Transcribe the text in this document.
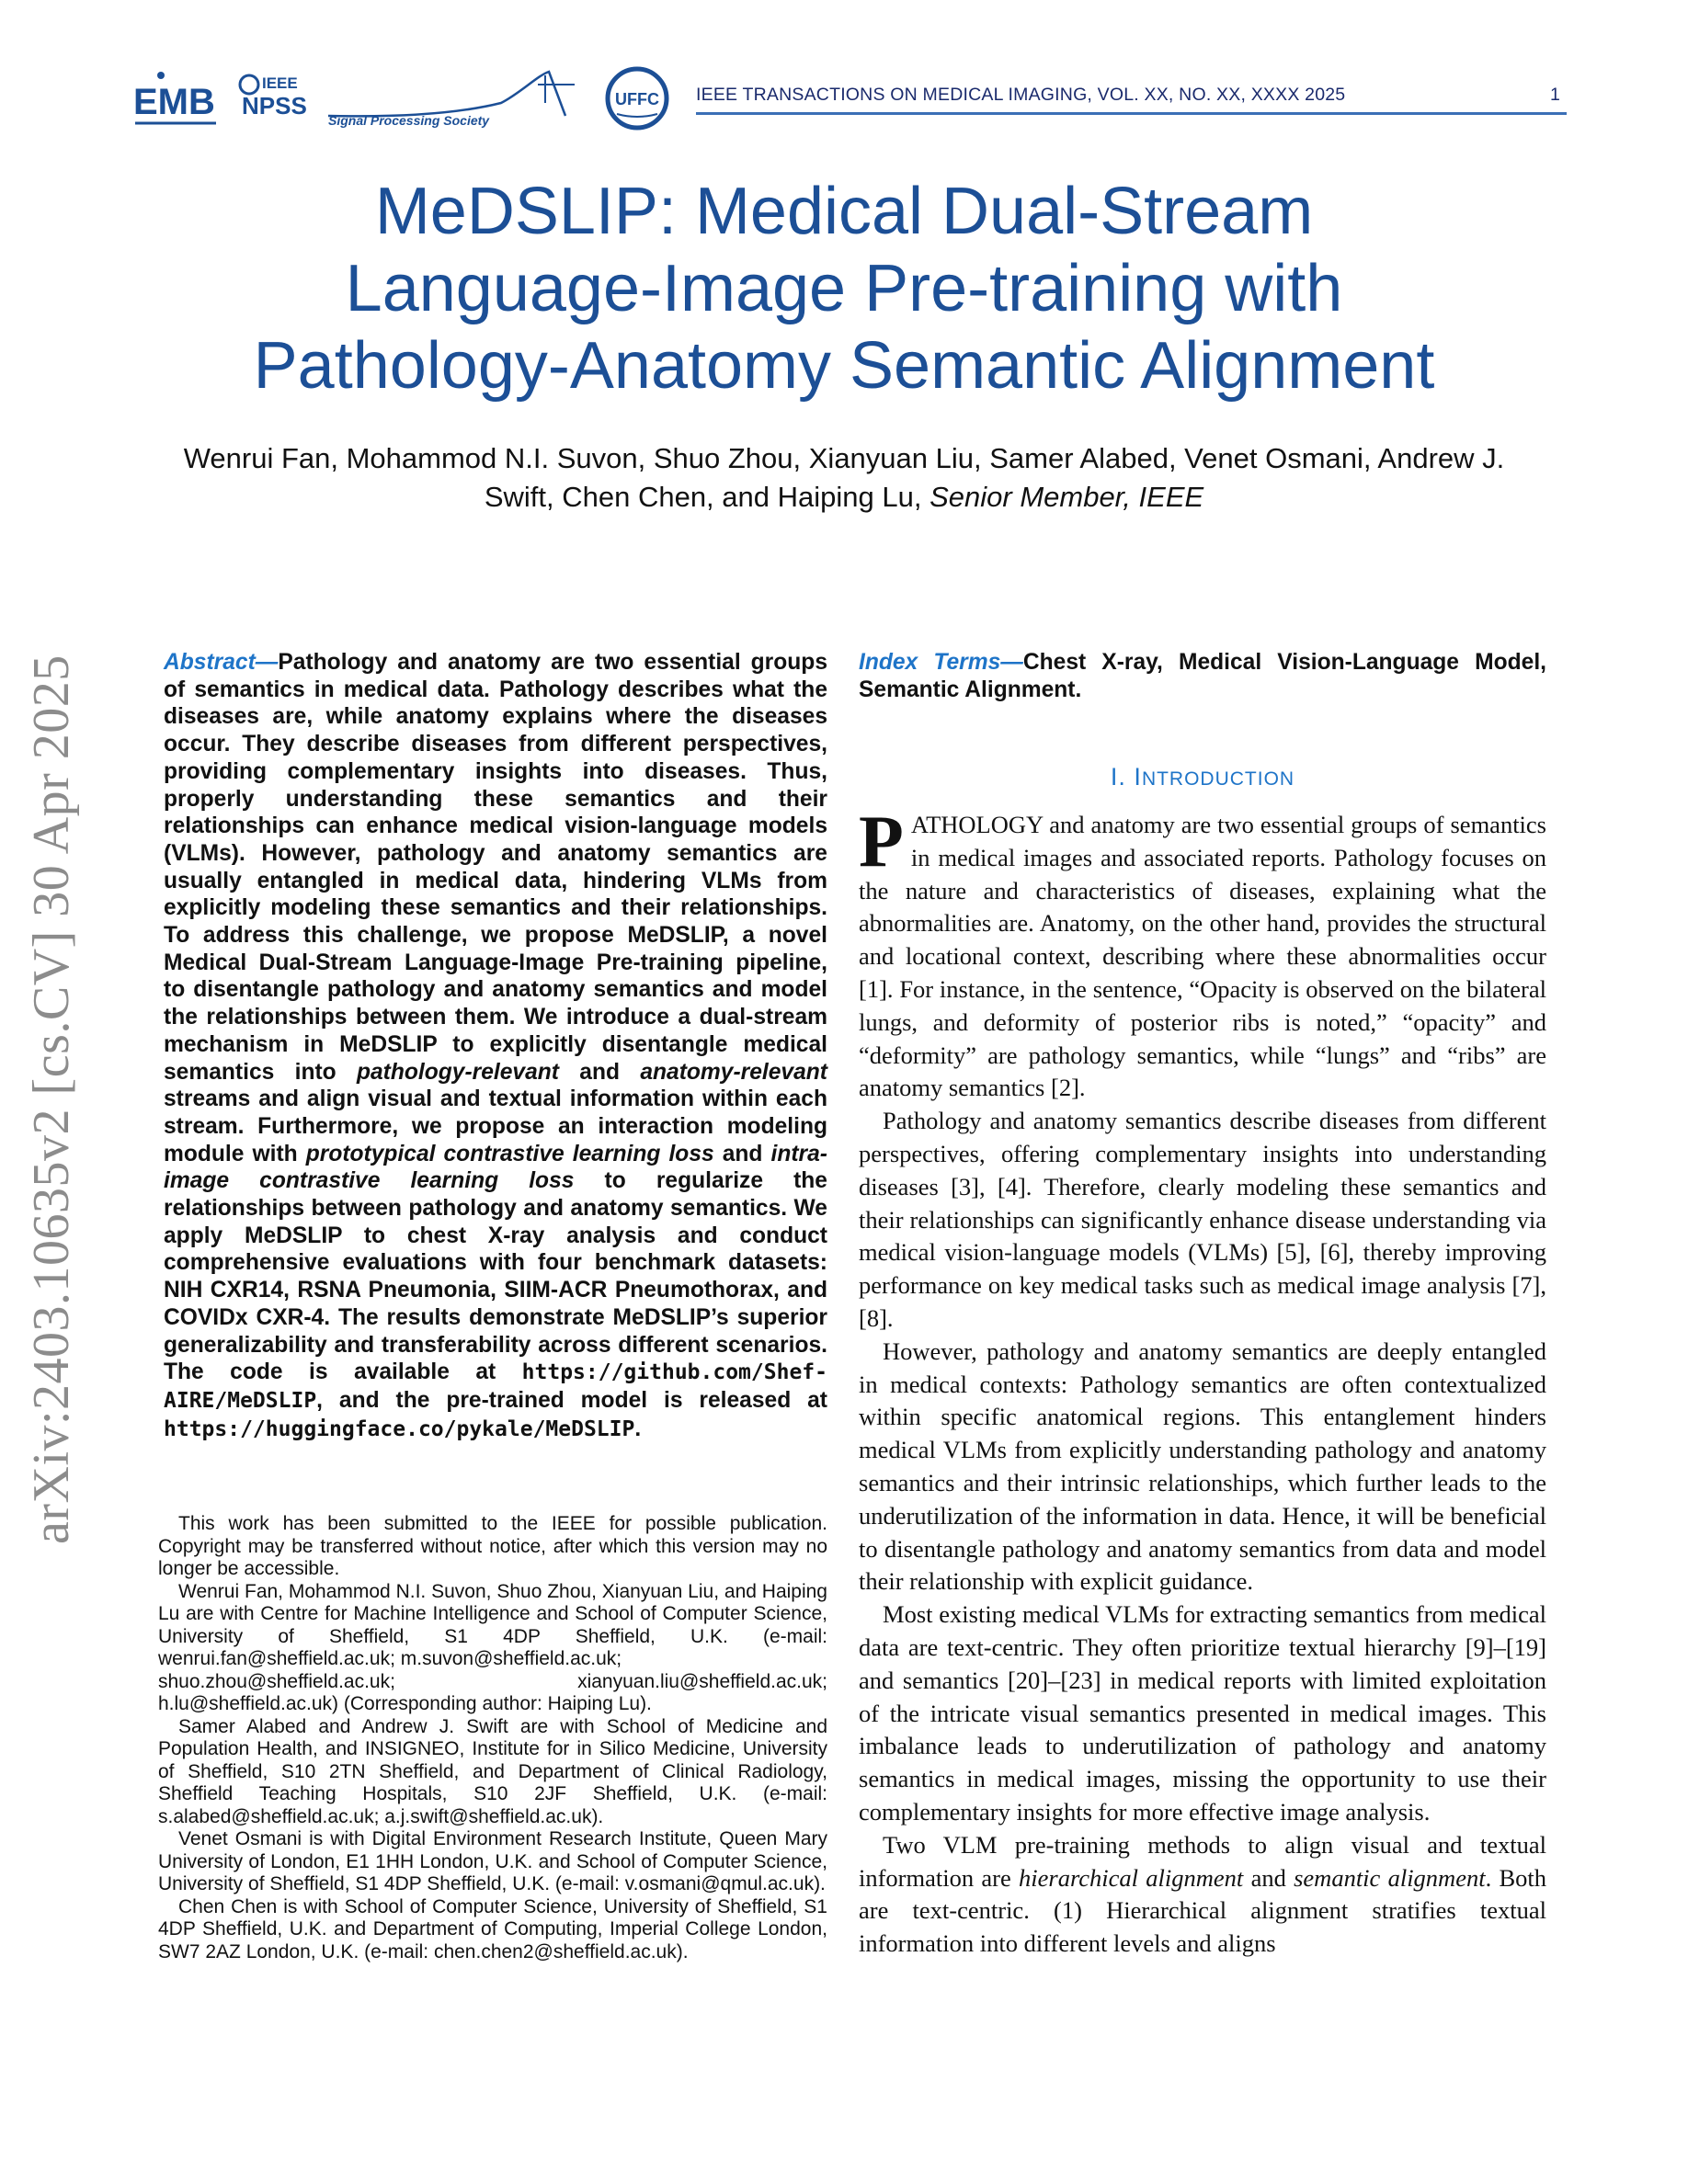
EMB	IEEE
NPSS
Signal Processing Society
UFFC IEEE TRANSACTIONS ON MEDICAL IMAGING, VOL. XX, NO. XX, XXXX 2025	1
MeDSLIP: Medical Dual-Stream
Language-Image Pre-training with
Pathology-Anatomy Semantic Alignment
Wenrui Fan, Mohammod N.I. Suvon, Shuo Zhou, Xianyuan Liu, Samer Alabed, Venet Osmani, Andrew J.
Swift, Chen Chen, and Haiping Lu, Senior Member, IEEE
arXiv:2403.10635v2 [cs.CV] 30 Apr 2025	Abstract—Pathology and anatomy are two essential groups of semantics in medical data. Pathology describes what the diseases are, while anatomy explains where the diseases occur. They describe diseases from different perspectives, providing complementary insights into diseases. Thus, properly understanding these semantics and their relationships can enhance medical vision-language models (VLMs). However, pathology and anatomy semantics are usually entangled in medical data, hindering VLMs from explicitly modeling these semantics and their relationships. To address this challenge, we propose MeDSLIP, a novel Medical Dual-Stream Language-Image Pre-training pipeline, to disentangle pathology and anatomy semantics and model the relationships between them. We introduce a dual-stream mechanism in MeDSLIP to explicitly disentangle medical semantics into pathology-relevant and anatomy-relevant streams and align visual and textual information within each stream. Furthermore, we propose an interaction modeling module with prototypical contrastive learning loss and intra-image contrastive learning loss to regularize the relationships between pathology and anatomy semantics. We apply MeDSLIP to chest X-ray analysis and conduct comprehensive evaluations with four benchmark datasets: NIH CXR14, RSNA Pneumonia, SIIM-ACR Pneumothorax, and COVIDx CXR-4. The results demonstrate MeDSLIP’s superior generalizability and transferability across different scenarios. The code is available at https://github.com/Shef-AIRE/MeDSLIP, and the pre-trained model is released at https://huggingface.co/pykale/MeDSLIP.

This work has been submitted to the IEEE for possible publication. Copyright may be transferred without notice, after which this version may no longer be accessible.

Wenrui Fan, Mohammod N.I. Suvon, Shuo Zhou, Xianyuan Liu, and Haiping Lu are with Centre for Machine Intelligence and School of Computer Science, University of Sheffield, S1 4DP Sheffield, U.K. (e-mail: wenrui.fan@sheffield.ac.uk; m.suvon@sheffield.ac.uk;

shuo.zhou@sheffield.ac.uk;	xianyuan.liu@sheffield.ac.uk;
h.lu@sheffield.ac.uk) (Corresponding author: Haiping Lu).

Samer Alabed and Andrew J. Swift are with School of Medicine and Population Health, and INSIGNEO, Institute for in Silico Medicine, University of Sheffield, S10 2TN Sheffield, and Department of Clinical Radiology, Sheffield Teaching Hospitals, S10 2JF Sheffield, U.K. (e-mail: s.alabed@sheffield.ac.uk; a.j.swift@sheffield.ac.uk).

Venet Osmani is with Digital Environment Research Institute, Queen Mary University of London, E1 1HH London, U.K. and School of Computer Science, University of Sheffield, S1 4DP Sheffield, U.K. (e-mail: v.osmani@qmul.ac.uk).

Chen Chen is with School of Computer Science, University of Sheffield, S1 4DP Sheffield, U.K. and Department of Computing, Imperial College London, SW7 2AZ London, U.K. (e-mail: chen.chen2@sheffield.ac.uk).

Index Terms—Chest X-ray, Medical Vision-Language Model, Semantic Alignment.
I. INTRODUCTION

PATHOLOGY and anatomy are two essential groups of semantics in medical images and associated reports. Pathology focuses on the nature and characteristics of diseases, explaining what the abnormalities are. Anatomy, on the other hand, provides the structural and locational context, describing where these abnormalities occur [1]. For instance, in the sentence, “Opacity is observed on the bilateral lungs, and deformity of posterior ribs is noted,” “opacity” and “deformity” are pathology semantics, while “lungs” and “ribs” are anatomy semantics [2].

Pathology and anatomy semantics describe diseases from different perspectives, offering complementary insights into understanding diseases [3], [4]. Therefore, clearly modeling these semantics and their relationships can significantly enhance disease understanding via medical vision-language models (VLMs) [5], [6], thereby improving performance on key medical tasks such as medical image analysis [7], [8].

However, pathology and anatomy semantics are deeply entangled in medical contexts: Pathology semantics are often contextualized within specific anatomical regions. This entanglement hinders medical VLMs from explicitly understanding pathology and anatomy semantics and their intrinsic relationships, which further leads to the underutilization of the information in data. Hence, it will be beneficial to disentangle pathology and anatomy semantics from data and model their relationship with explicit guidance.

Most existing medical VLMs for extracting semantics from medical data are text-centric. They often prioritize textual hierarchy [9]–[19] and semantics [20]–[23] in medical reports with limited exploitation of the intricate visual semantics presented in medical images. This imbalance leads to underutilization of pathology and anatomy semantics in medical images, missing the opportunity to use their complementary insights for more effective image analysis.

Two VLM pre-training methods to align visual and textual information are hierarchical alignment and semantic alignment. Both are text-centric. (1) Hierarchical alignment stratifies textual information into different levels and aligns
